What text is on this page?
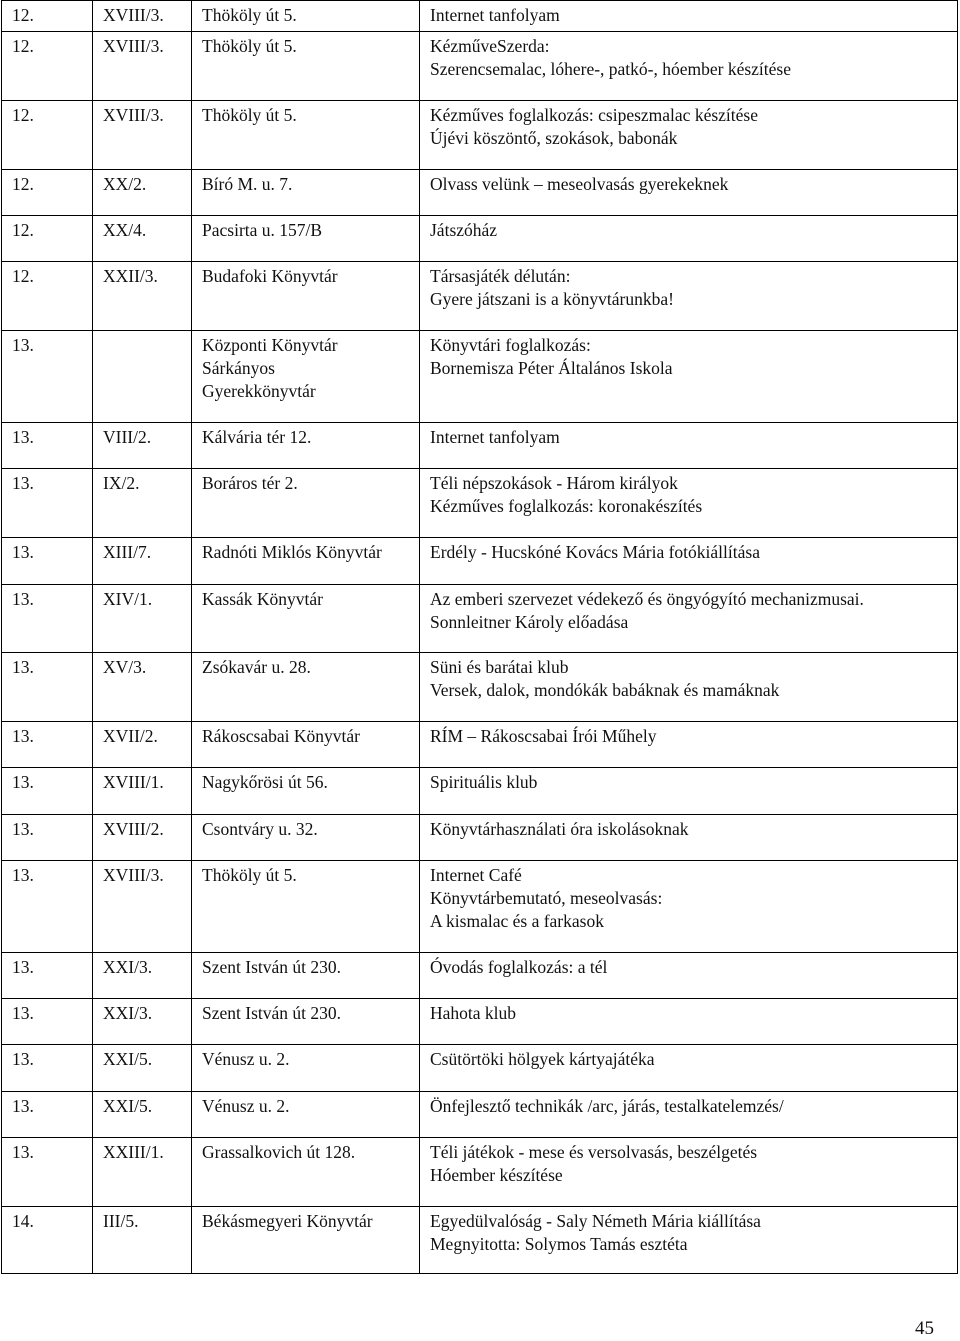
12.	XVIII/3.	Thököly út 5.	Internet tanfolyam

12.	XVIII/3.	Thököly út 5.	KézművеSzerda:
Szerencsemalac, lóhere-, patkó-, hóember készítése

12.	XVIII/3.	Thököly út 5.	Kézműves foglalkozás: csipeszmalac készítése
Újévi köszöntő, szokások, babonák

12.	XX/2.	Bíró M. u. 7.	Olvass velünk – meseolvasás gyerekeknek

12.	XX/4.	Pacsirta u. 157/B	Játszóház

12.	XXII/3.	Budafoki Könyvtár	Társasjáték délután:
Gyere játszani is a könyvtárunkba!

13.		Központi Könyvtár
Sárkányos
Gyerekkönyvtár	Könyvtári foglalkozás:
Bornemisza Péter Általános Iskola

13.	VIII/2.	Kálvária tér 12.	Internet tanfolyam

13.	IX/2.	Boráros tér 2.	Téli népszokások - Három királyok
Kézműves foglalkozás: koronakészítés

13.	XIII/7.	Radnóti Miklós Könyvtár	Erdély - Hucskóné Kovács Mária fotókiállítása

13.	XIV/1.	Kassák Könyvtár	Az emberi szervezet védekező és öngyógyító mechanizmusai.
Sonnleitner Károly előadása

13.	XV/3.	Zsókavár u. 28.	Süni és barátai klub
Versek, dalok, mondókák babáknak és mamáknak

13.	XVII/2.	Rákoscsabai Könyvtár	RÍM – Rákoscsabai Írói Műhely

13.	XVIII/1.	Nagykőrösi út 56.	Spirituális klub

13.	XVIII/2.	Csontváry u. 32.	Könyvtárhasználati óra iskolásoknak

13.	XVIII/3.	Thököly út 5.	Internet Café
Könyvtárbemutató, meseolvasás:
A kismalac és a farkasok

13.	XXI/3.	Szent István út 230.	Óvodás foglalkozás: a tél

13.	XXI/3.	Szent István út 230.	Hahota klub

13.	XXI/5.	Vénusz u. 2.	Csütörtöki hölgyek kártyajátéka

13.	XXI/5.	Vénusz u. 2.	Önfejlesztő technikák /arc, járás, testalkatelemzés/

13.	XXIII/1.	Grassalkovich út 128.	Téli játékok - mese és versolvasás, beszélgetés
Hóember készítése

14.	III/5.	Békásmegyeri Könyvtár	Egyedülvalóság - Saly Németh Mária kiállítása
Megnyitotta: Solymos Tamás esztéta
45
